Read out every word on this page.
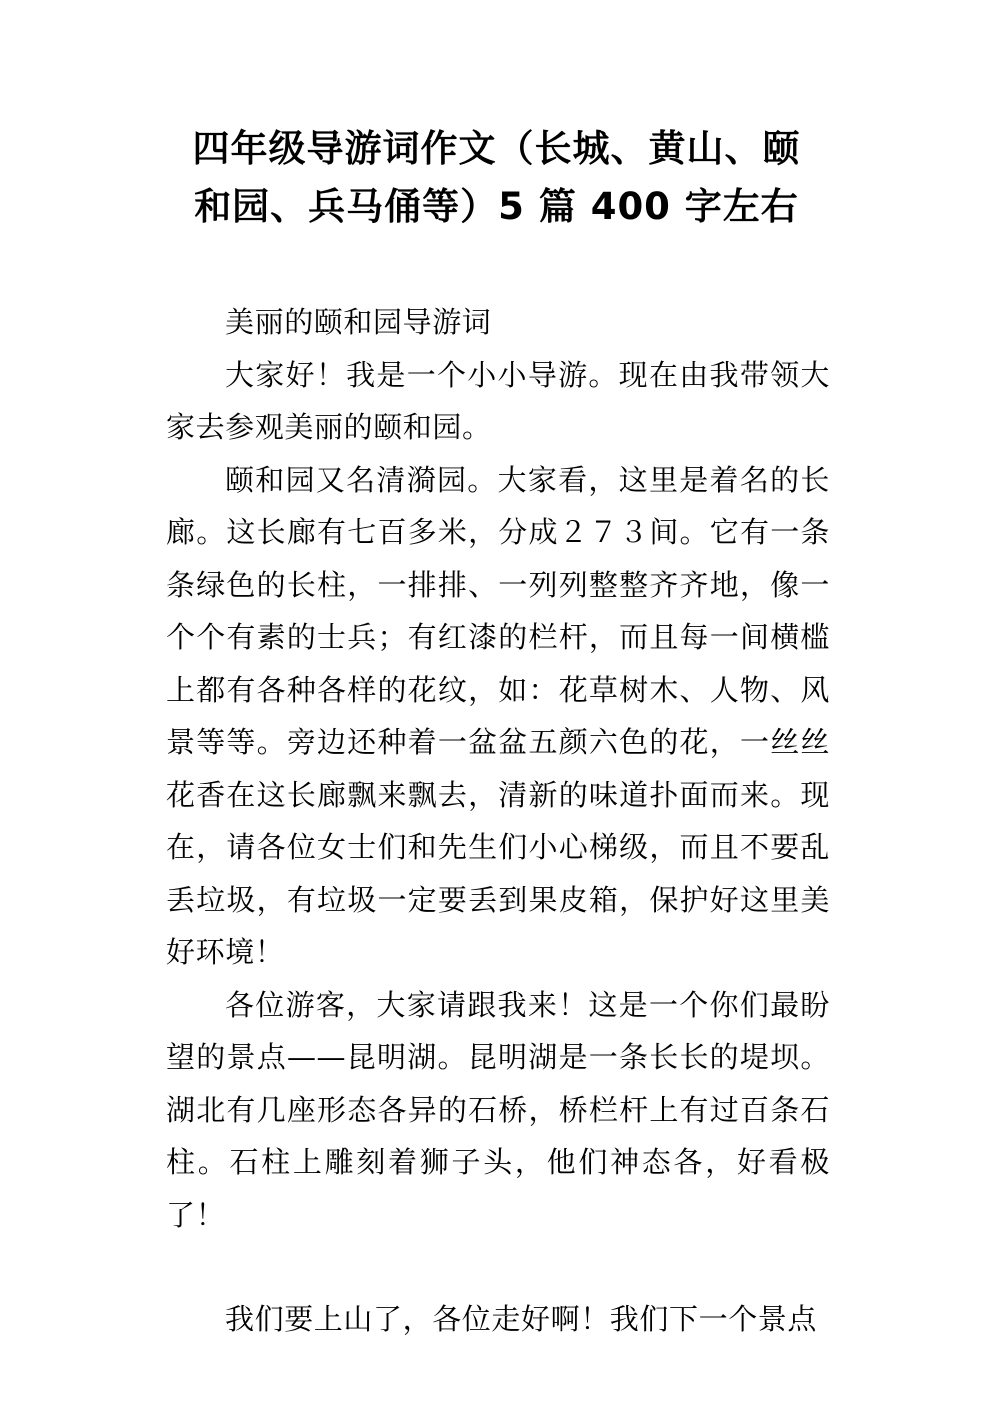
四年级导游词作文（长城、黄山、颐
和园、兵马俑等）5 篇 400 字左右

美丽的颐和园导游词

大家好！我是一个小小导游。现在由我带领大家去参观美丽的颐和园。

颐和园又名清漪园。大家看，这里是着名的长廊。这长廊有七百多米，分成２７３间。它有一条条绿色的长柱，一排排、一列列整整齐齐地，像一个个有素的士兵；有红漆的栏杆，而且每一间横槛上都有各种各样的花纹，如：花草树木、人物、风景等等。旁边还种着一盆盆五颜六色的花，一丝丝花香在这长廊飘来飘去，清新的味道扑面而来。现在，请各位女士们和先生们小心梯级，而且不要乱丢垃圾，有垃圾一定要丢到果皮箱，保护好这里美好环境！

各位游客，大家请跟我来！这是一个你们最盼望的景点——昆明湖。昆明湖是一条长长的堤坝。湖北有几座形态各异的石桥，桥栏杆上有过百条石柱。石柱上雕刻着狮子头，他们神态各，好看极了！

我们要上山了，各位走好啊！我们下一个景点
